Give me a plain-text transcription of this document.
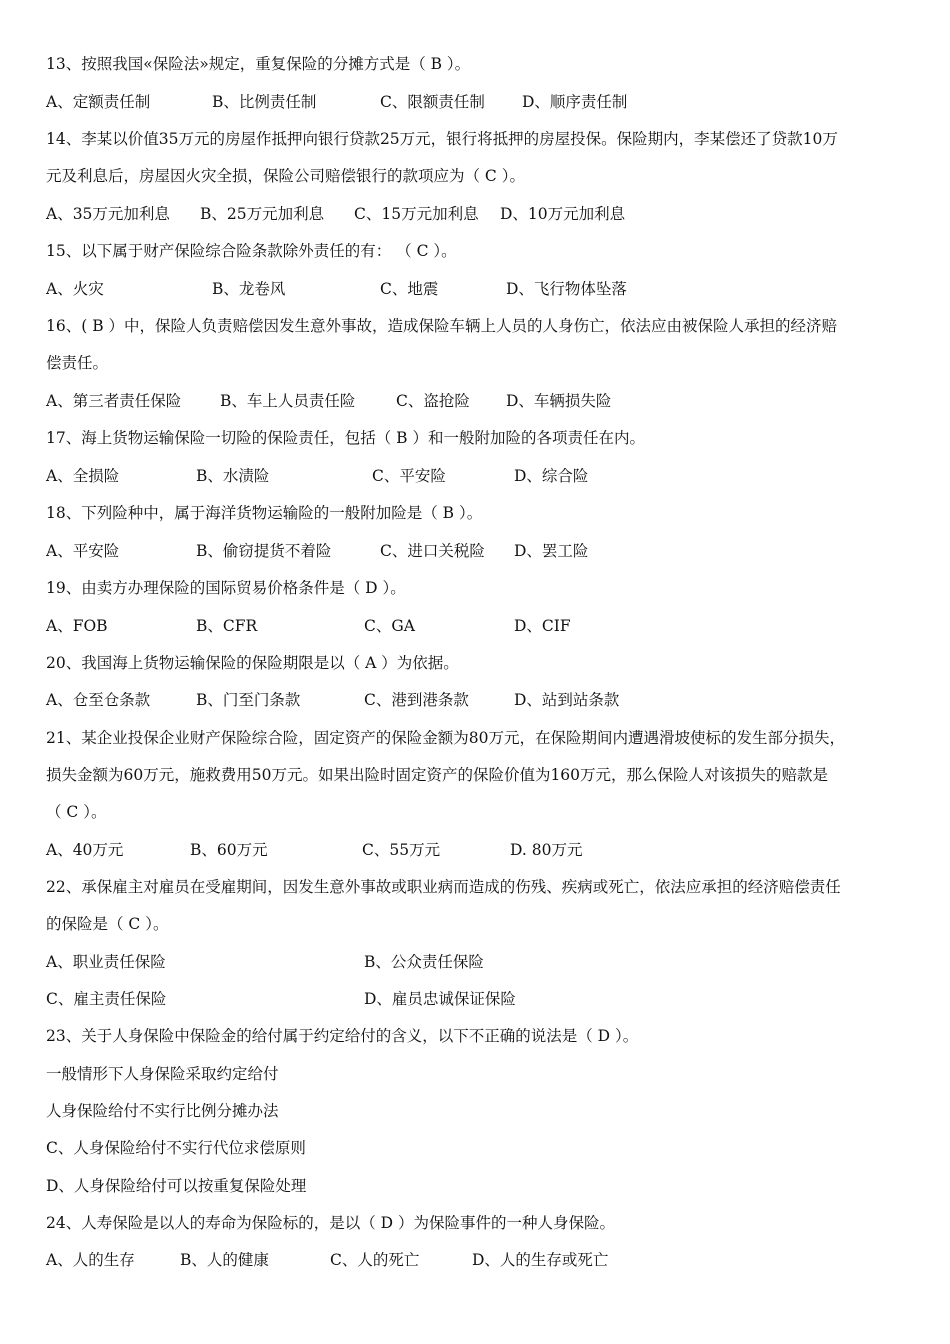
13、按照我国«保险法»规定，重复保险的分摊方式是（ B ）。
A、定额责任制	B、比例责任制	C、限额责任制 D、顺序责任制
14、李某以价值35万元的房屋作抵押向银行贷款25万元，银行将抵押的房屋投保。保险期内，李某偿还了贷款10万
元及利息后，房屋因火灾全损，保险公司赔偿银行的款项应为（ C ）。
A、35万元加利息 B、25万元加利息 C、15万元加利息 D、10万元加利息
15、以下属于财产保险综合险条款除外责任的有： （ C ）。
A、火灾	B、龙卷风	C、地震	D、飞行物体坠落
16、( B ）中，保险人负责赔偿因发生意外事故，造成保险车辆上人员的人身伤亡，依法应由被保险人承担的经济赔
偿责任。
A、第三者责任保险	B、车上人员责任险	C、盗抢险 D、车辆损失险
17、海上货物运输保险一切险的保险责任，包括（ B ）和一般附加险的各项责任在内。
A、全损险	B、水渍险	C、平安险	D、综合险
18、下列险种中，属于海洋货物运输险的一般附加险是（ B ）。
A、平安险	B、偷窃提货不着险	C、进口关税险 D、罢工险
19、由卖方办理保险的国际贸易价格条件是（ D ）。
A、FOB	B、CFR	C、GA	D、CIF
20、我国海上货物运输保险的保险期限是以（ A ）为依据。
A、仓至仓条款	B、门至门条款	C、港到港条款	D、站到站条款
21、某企业投保企业财产保险综合险，固定资产的保险金额为80万元，在保险期间内遭遇滑坡使标的发生部分损失，
损失金额为60万元，施救费用50万元。如果出险时固定资产的保险价值为160万元，那么保险人对该损失的赔款是
（ C ）。
A、40万元	B、60万元	C、55万元	D. 80万元
22、承保雇主对雇员在受雇期间，因发生意外事故或职业病而造成的伤残、疾病或死亡，依法应承担的经济赔偿责任
的保险是（ C ）。
A、职业责任保险	B、公众责任保险
C、雇主责任保险	D、雇员忠诚保证保险
23、关于人身保险中保险金的给付属于约定给付的含义，以下不正确的说法是（ D ）。
一般情形下人身保险采取约定给付
人身保险给付不实行比例分摊办法
C、人身保险给付不实行代位求偿原则
D、人身保险给付可以按重复保险处理
24、人寿保险是以人的寿命为保险标的，是以（ D ）为保险事件的一种人身保险。
A、人的生存	B、人的健康	C、人的死亡	D、人的生存或死亡
